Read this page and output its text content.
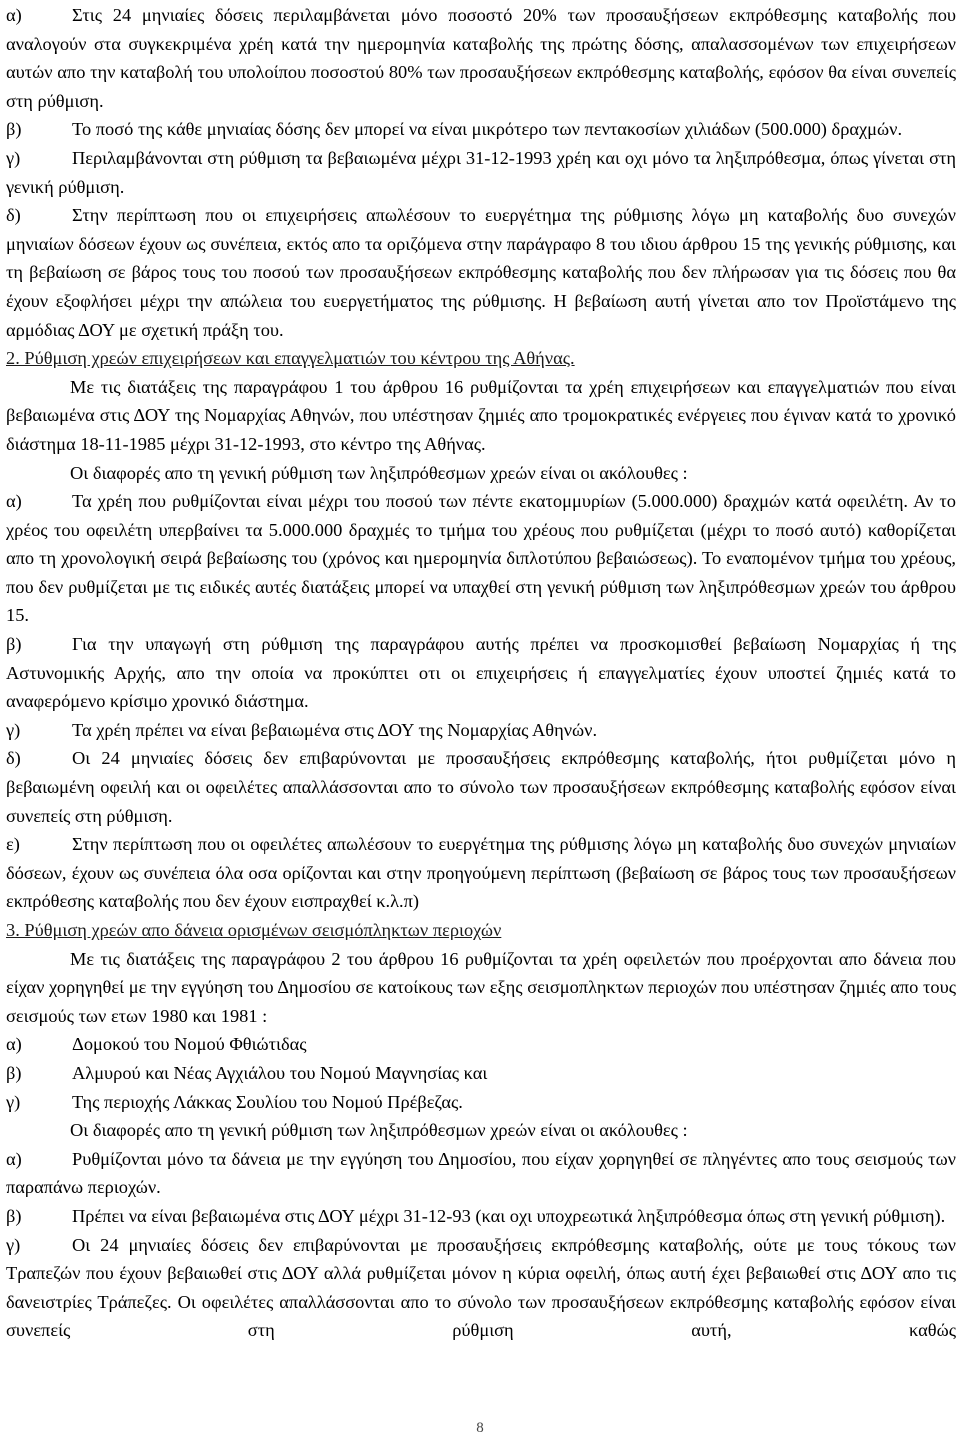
α)	Στις 24 μηνιαίες δόσεις περιλαμβάνεται μόνο ποσοστό 20% των προσαυξήσεων εκπρόθεσμης καταβολής που αναλογούν στα συγκεκριμένα χρέη κατά την ημερομηνία καταβολής της πρώτης δόσης, απαλασσομένων των επιχειρήσεων αυτών απο την καταβολή του υπολοίπου ποσοστού 80% των προσαυξήσεων εκπρόθεσμης καταβολής, εφόσον θα είναι συνεπείς στη ρύθμιση.

β)	Το ποσό της κάθε μηνιαίας δόσης δεν μπορεί να είναι μικρότερο των πεντακοσίων χιλιάδων (500.000) δραχμών.

γ)	Περιλαμβάνονται στη ρύθμιση τα βεβαιωμένα μέχρι 31-12-1993 χρέη και οχι μόνο τα ληξιπρόθεσμα, όπως γίνεται στη γενική ρύθμιση.

δ)	Στην περίπτωση που οι επιχειρήσεις απωλέσουν το ευεργέτημα της ρύθμισης λόγω μη καταβολής δυο συνεχών μηνιαίων δόσεων έχουν ως συνέπεια, εκτός απο τα οριζόμενα στην παράγραφο 8 του ιδιου άρθρου 15 της γενικής ρύθμισης, και τη βεβαίωση σε βάρος τους του ποσού των προσαυξήσεων εκπρόθεσμης καταβολής που δεν πλήρωσαν για τις δόσεις που θα έχουν εξοφλήσει μέχρι την απώλεια του ευεργετήματος της ρύθμισης. Η βεβαίωση αυτή γίνεται απο τον Προϊστάμενο της αρμόδιας ΔΟΥ με σχετική πράξη του.

2. Ρύθμιση χρεών επιχειρήσεων και επαγγελματιών του κέντρου της Αθήνας.

Με τις διατάξεις της παραγράφου 1 του άρθρου 16 ρυθμίζονται τα χρέη επιχειρήσεων και επαγγελματιών που είναι βεβαιωμένα στις ΔΟΥ της Νομαρχίας Αθηνών, που υπέστησαν ζημιές απο τρομοκρατικές ενέργειες που έγιναν κατά το χρονικό διάστημα 18-11-1985 μέχρι 31-12-1993, στο κέντρο της Αθήνας.

Οι διαφορές απο τη γενική ρύθμιση των ληξιπρόθεσμων χρεών είναι οι ακόλουθες :

α)	Τα χρέη που ρυθμίζονται είναι μέχρι του ποσού των πέντε εκατομμυρίων (5.000.000) δραχμών κατά οφειλέτη. Αν το χρέος του οφειλέτη υπερβαίνει τα 5.000.000 δραχμές το τμήμα του χρέους που ρυθμίζεται (μέχρι το ποσό αυτό) καθορίζεται απο τη χρονολογική σειρά βεβαίωσης του (χρόνος και ημερομηνία διπλοτύπου βεβαιώσεως). Το εναπομένον τμήμα του χρέους, που δεν ρυθμίζεται με τις ειδικές αυτές διατάξεις μπορεί να υπαχθεί στη γενική ρύθμιση των ληξιπρόθεσμων χρεών του άρθρου 15.

β)	Για την υπαγωγή στη ρύθμιση της παραγράφου αυτής πρέπει να προσκομισθεί βεβαίωση Νομαρχίας ή της Αστυνομικής Αρχής, απο την οποία να προκύπτει οτι οι επιχειρήσεις ή επαγγελματίες έχουν υποστεί ζημιές κατά το αναφερόμενο κρίσιμο χρονικό διάστημα.

γ)	Τα χρέη πρέπει να είναι βεβαιωμένα στις ΔΟΥ της Νομαρχίας Αθηνών.

δ)	Οι 24 μηνιαίες δόσεις δεν επιβαρύνονται με προσαυξήσεις εκπρόθεσμης καταβολής, ήτοι ρυθμίζεται μόνο η βεβαιωμένη οφειλή και οι οφειλέτες απαλλάσσονται απο το σύνολο των προσαυξήσεων εκπρόθεσμης καταβολής εφόσον είναι συνεπείς στη ρύθμιση.

ε)	Στην περίπτωση που οι οφειλέτες απωλέσουν το ευεργέτημα της ρύθμισης λόγω μη καταβολής δυο συνεχών μηνιαίων δόσεων, έχουν ως συνέπεια όλα οσα ορίζονται και στην προηγούμενη περίπτωση (βεβαίωση σε βάρος τους των προσαυξήσεων εκπρόθεσης καταβολής που δεν έχουν εισπραχθεί κ.λ.π)

3. Ρύθμιση χρεών απο δάνεια ορισμένων σεισμόπληκτων περιοχών

Με τις διατάξεις της παραγράφου 2 του άρθρου 16 ρυθμίζονται τα χρέη οφειλετών που προέρχονται απο δάνεια που είχαν χορηγηθεί με την εγγύηση του Δημοσίου σε κατοίκους των εξης σεισμοπληκτων περιοχών που υπέστησαν ζημιές απο τους σεισμούς των ετων 1980 και 1981 :

α)	Δομοκού του Νομού Φθιώτιδας

β)	Αλμυρού και Νέας Αγχιάλου του Νομού Μαγνησίας και

γ)	Της περιοχής Λάκκας Σουλίου του Νομού Πρέβεζας.

Οι διαφορές απο τη γενική ρύθμιση των ληξιπρόθεσμων χρεών είναι οι ακόλουθες :

α)	Ρυθμίζονται μόνο τα δάνεια με την εγγύηση του Δημοσίου, που είχαν χορηγηθεί σε πληγέντες απο τους σεισμούς των παραπάνω περιοχών.

β)	Πρέπει να είναι βεβαιωμένα στις ΔΟΥ μέχρι 31-12-93 (και οχι υποχρεωτικά ληξιπρόθεσμα όπως στη γενική ρύθμιση).

γ)	Οι 24 μηνιαίες δόσεις δεν επιβαρύνονται με προσαυξήσεις εκπρόθεσμης καταβολής, ούτε με τους τόκους των Τραπεζών που έχουν βεβαιωθεί στις ΔΟΥ αλλά ρυθμίζεται μόνον η κύρια οφειλή, όπως αυτή έχει βεβαιωθεί στις ΔΟΥ απο τις δανειστρίες Τράπεζες. Οι οφειλέτες απαλλάσσονται απο το σύνολο των προσαυξήσεων εκπρόθεσμης καταβολής εφόσον είναι συνεπείς στη ρύθμιση αυτή, καθώς

8
